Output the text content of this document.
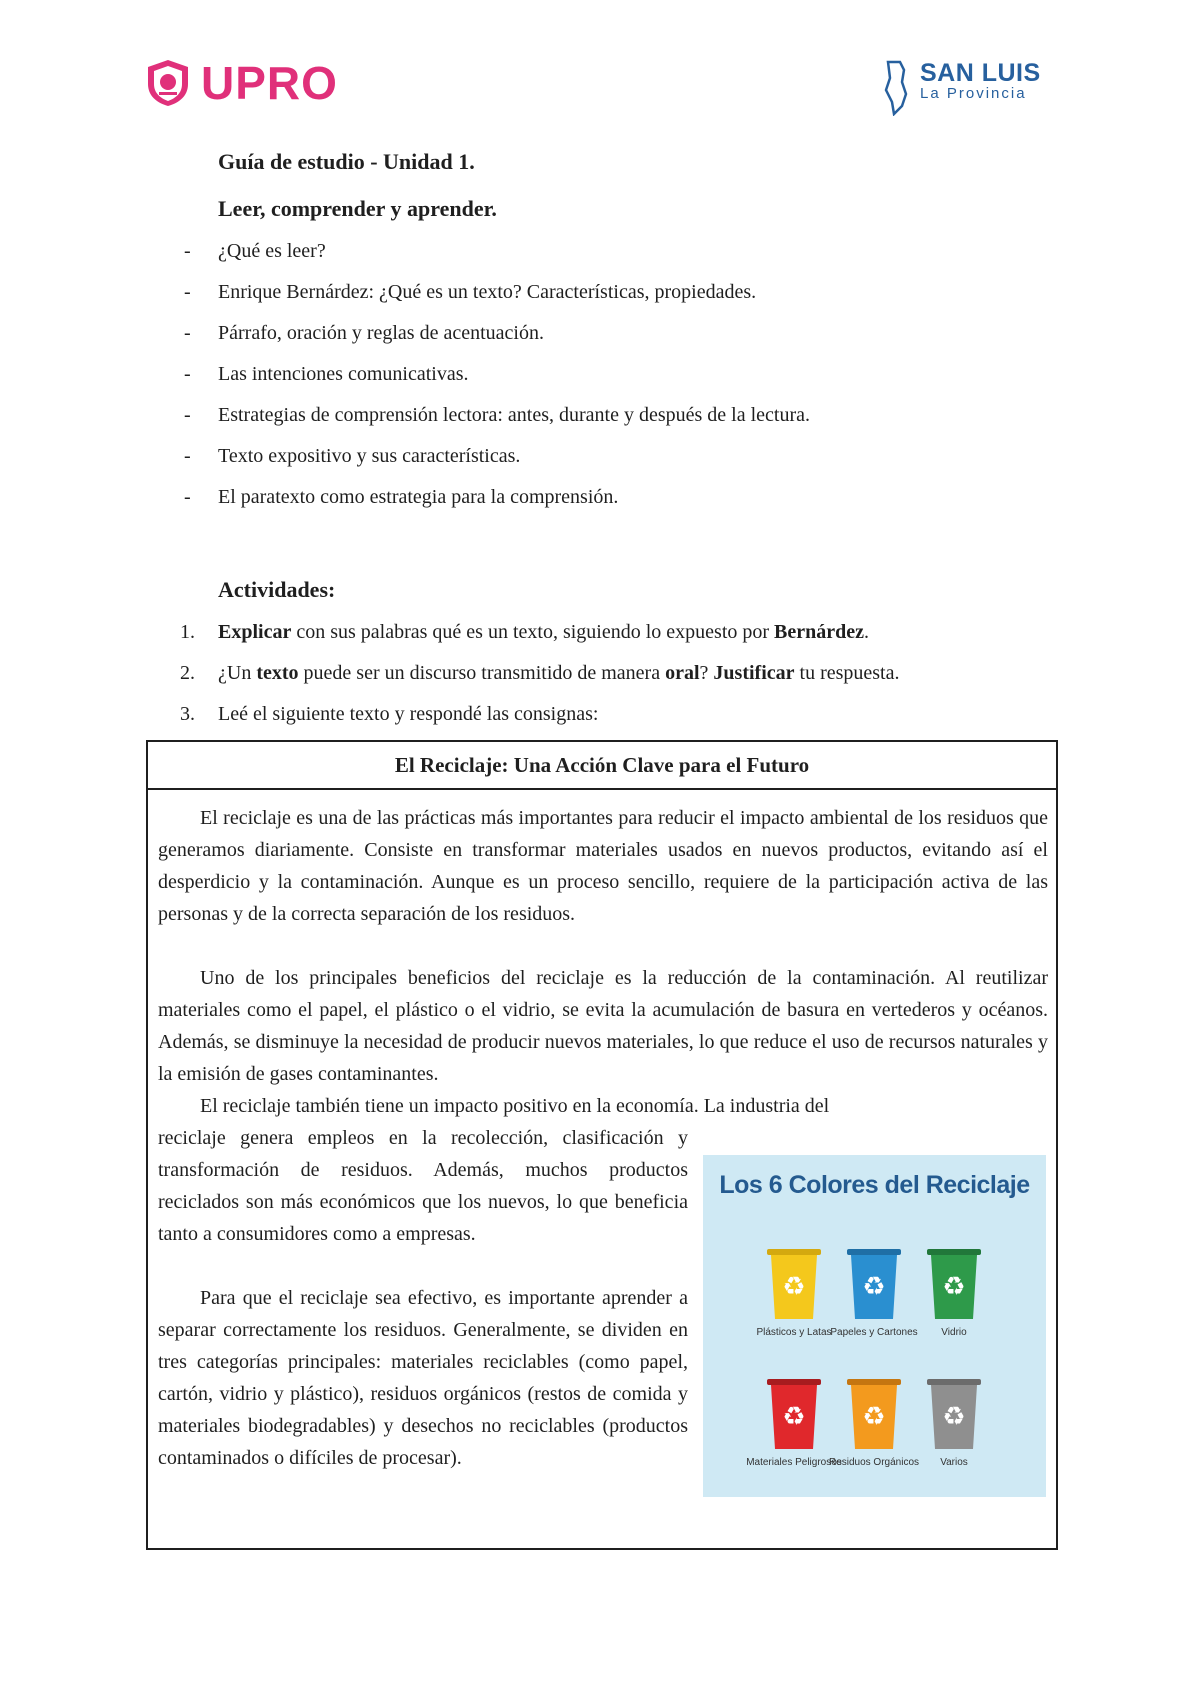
UPRO	SAN LUIS
La Provincia
Guía de estudio - Unidad 1.
Leer, comprender y aprender.
- ¿Qué es leer?
- Enrique Bernárdez: ¿Qué es un texto? Características, propiedades.
- Párrafo, oración y reglas de acentuación.
- Las intenciones comunicativas.
- Estrategias de comprensión lectora: antes, durante y después de la lectura.
- Texto expositivo y sus características.
- El paratexto como estrategia para la comprensión.
Actividades:
1. Explicar con sus palabras qué es un texto, siguiendo lo expuesto por Bernárdez.
2. ¿Un texto puede ser un discurso transmitido de manera oral? Justificar tu respuesta.
3. Leé el siguiente texto y respondé las consignas:
El Reciclaje: Una Acción Clave para el Futuro
El reciclaje es una de las prácticas más importantes para reducir el impacto ambiental de los residuos que generamos diariamente. Consiste en transformar materiales usados en nuevos productos, evitando así el desperdicio y la contaminación. Aunque es un proceso sencillo, requiere de la participación activa de las personas y de la correcta separación de los residuos.
Uno de los principales beneficios del reciclaje es la reducción de la contaminación. Al reutilizar materiales como el papel, el plástico o el vidrio, se evita la acumulación de basura en vertederos y océanos. Además, se disminuye la necesidad de producir nuevos materiales, lo que reduce el uso de recursos naturales y la emisión de gases contaminantes.
El reciclaje también tiene un impacto positivo en la economía. La industria del
reciclaje genera empleos en la recolección, clasificación y transformación de residuos. Además, muchos productos reciclados son más económicos que los nuevos, lo que beneficia tanto a consumidores como a empresas.
Para que el reciclaje sea efectivo, es importante aprender a separar correctamente los residuos. Generalmente, se dividen en tres categorías principales: materiales reciclables (como papel, cartón, vidrio y plástico), residuos orgánicos (restos de comida y materiales biodegradables) y desechos no reciclables (productos contaminados o difíciles de procesar).
Los 6 Colores del Reciclaje
♻
Plásticos y Latas
♻
Papeles y Cartones
♻
Vidrio
♻
Materiales Peligrosos
♻
Residuos Orgánicos
♻
Varios
